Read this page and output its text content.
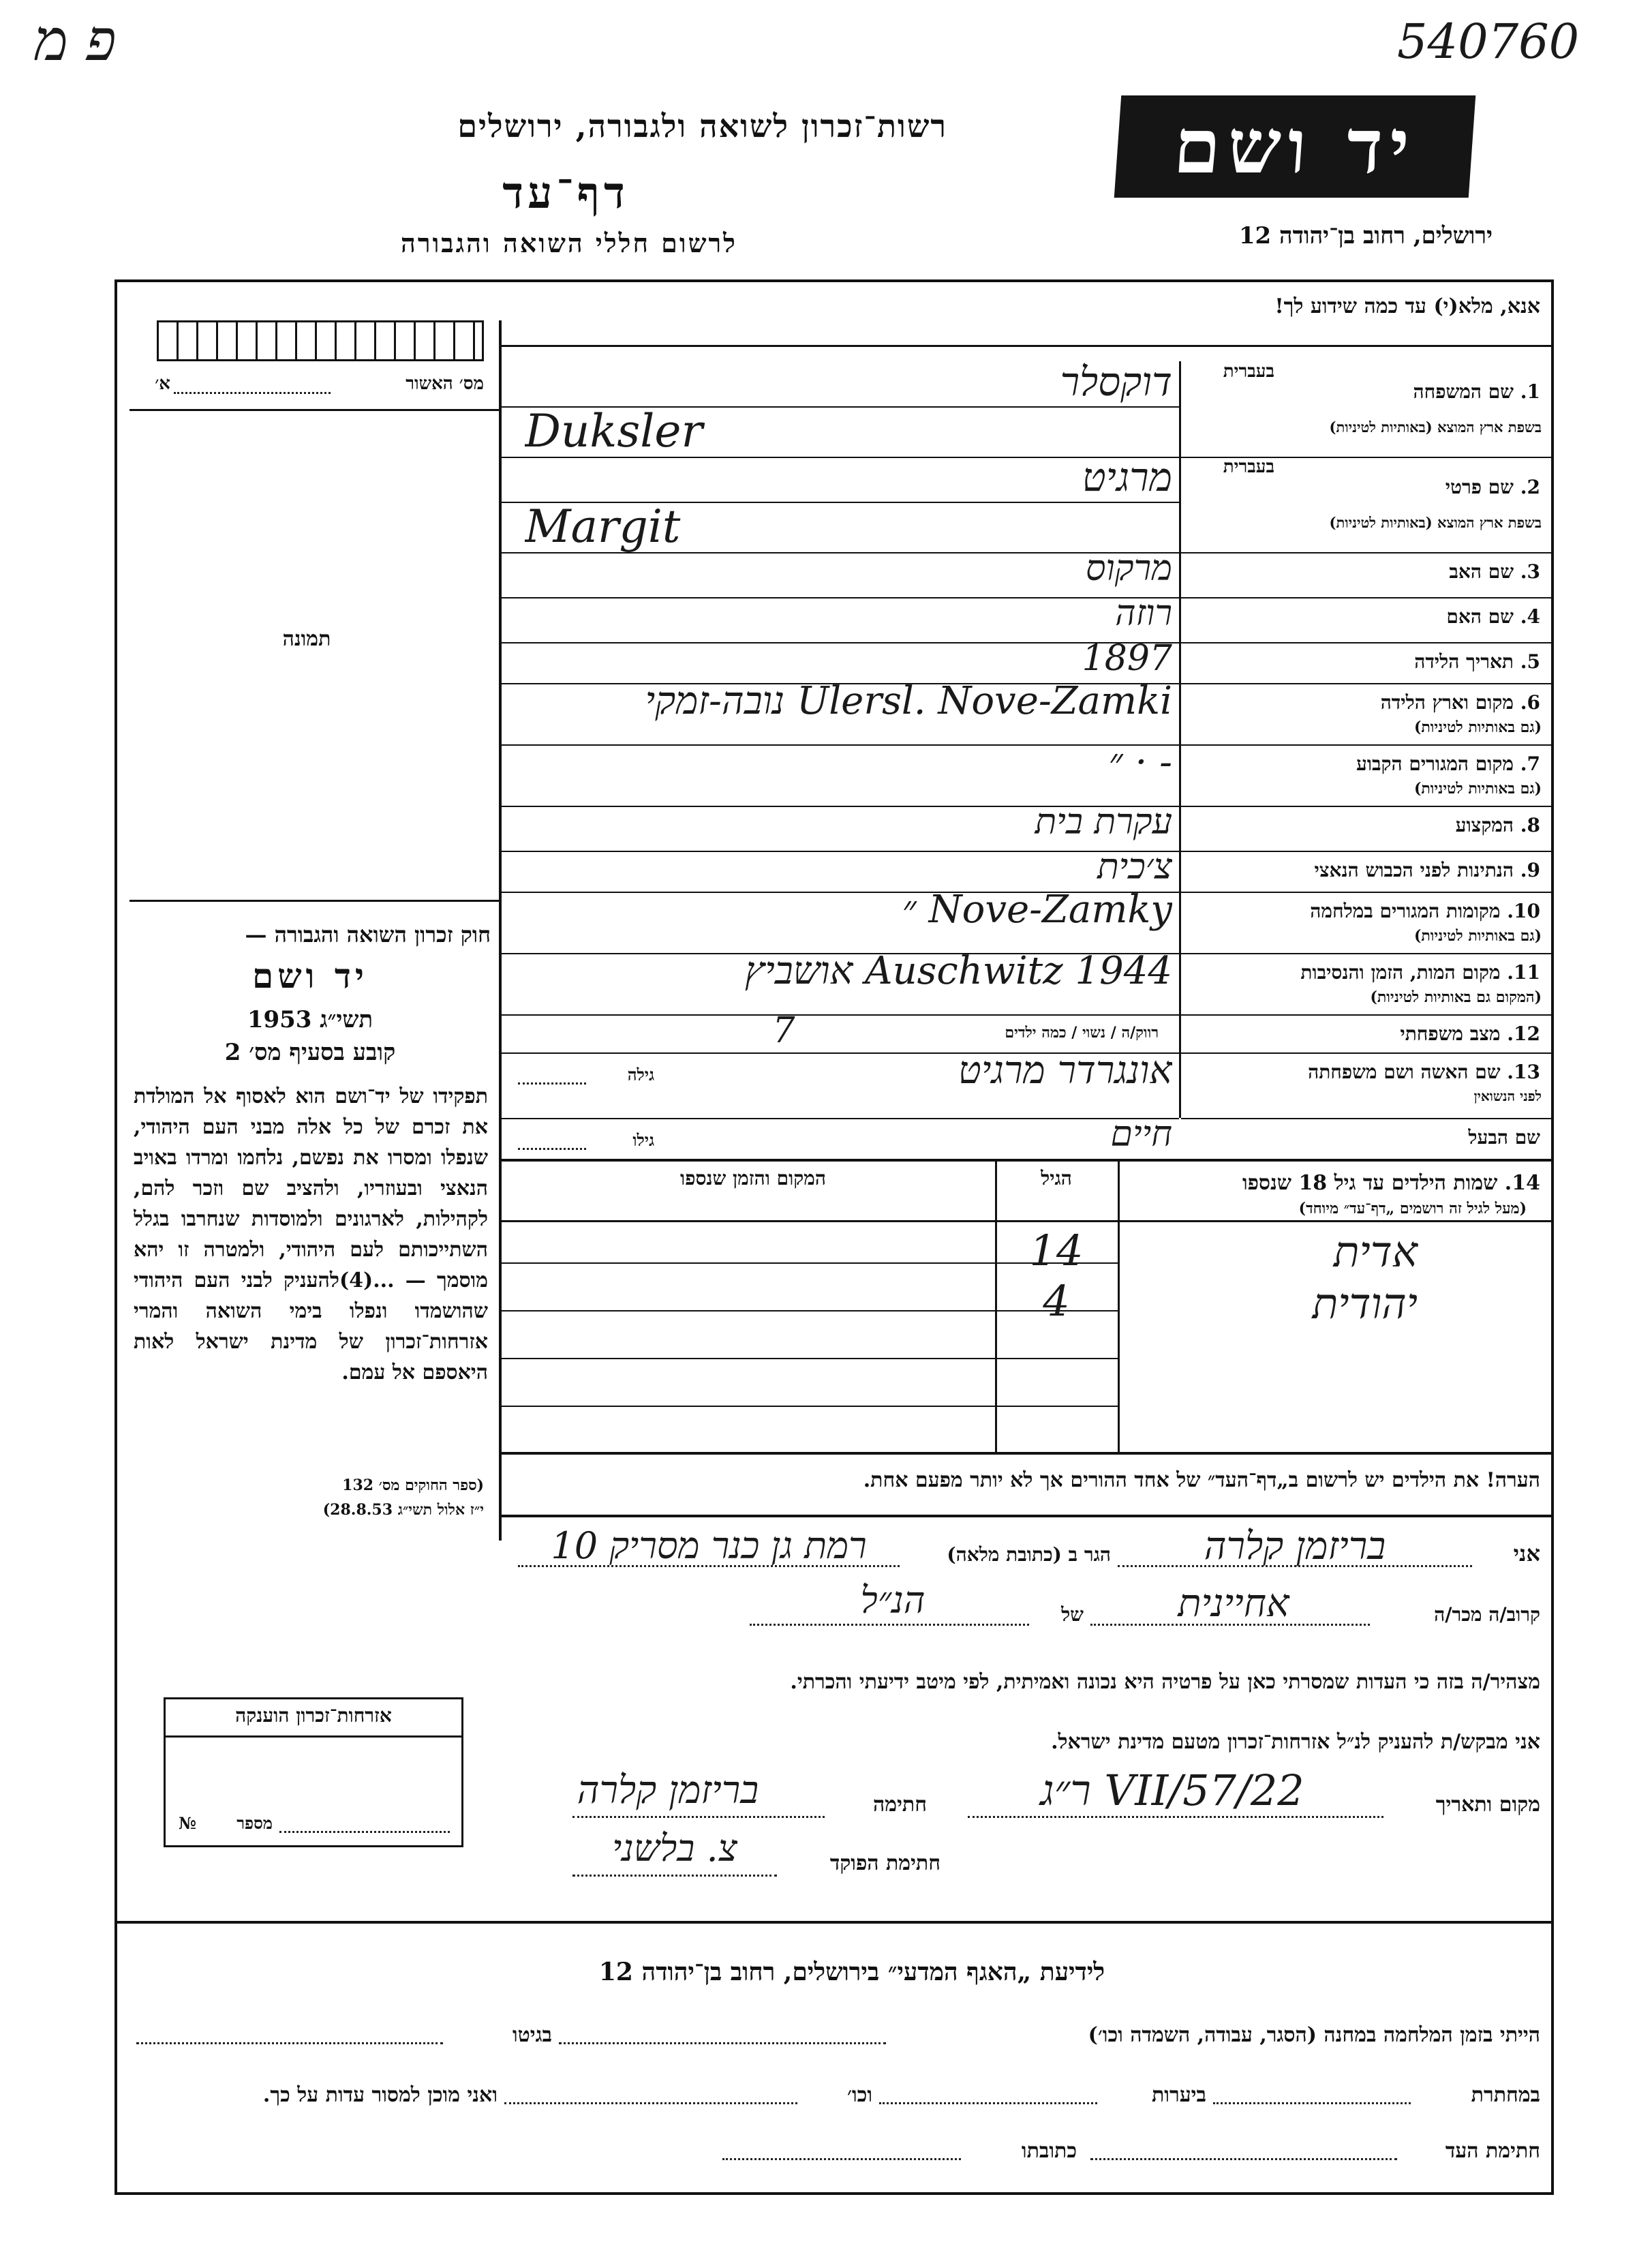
פ מ	540760
רשות־זכרון לשואה ולגבורה, ירושלים
דף־עד
לרשום חללי השואה והגבורה
יד ושם
ירושלים, רחוב בן־יהודה 12
אנא, מלא(י) עד כמה שידוע לך!
מס׳ האשור
א׳
תמונה
חוק זכרון השואה והגבורה —
יד ושם
תשי״ג 1953
קובע בסעיף מס׳ 2
תפקידו של יד־ושם הוא לאסוף אל המולדת את זכרם של כל אלה מבני העם היהודי, שנפלו ומסרו את נפשם, נלחמו ומרדו באויב הנאצי ובעוזריו, ולהציב שם וזכר להם, לקהילות, לארגונים ולמוסדות שנחרבו בגלל השתייכותם לעם היהודי, ולמטרה זו יהא מוסמך — ...(4)להעניק לבני העם היהודי שהושמדו ונפלו בימי השואה והמרי אזרחות־זכרון של מדינת ישראל לאות היאספם אל עמם.
(ספר החוקים מס׳ 132
י״ז אלול תשי״ג 28.8.53)
אזרחות־זכרון הוענקה
מספר
№
1. שם המשפחה
בעברית
בשפת ארץ המוצא (באותיות לטיניות)
דוקסלר
Duksler
2. שם פרטי
בעברית
בשפת ארץ המוצא (באותיות לטיניות)
מרגיט
Margit
3. שם האב
מרקוס
4. שם האם
רוזה
5. תאריך הלידה
1897
6. מקום וארץ הלידה
Ulersl. Nove-Zamki נובה-זמקי
(גם באותיות לטיניות)
7. מקום המגורים הקבוע
- · ״
(גם באותיות לטיניות)
8. המקצוע
עקרת בית
9. הנתינות לפני הכבוש הנאצי
צ׳כית
10. מקומות המגורים במלחמה
Nove-Zamky ״
(גם באותיות לטיניות)
11. מקום המות, הזמן והנסיבות
Auschwitz 1944 אושביץ
(המקום גם באותיות לטיניות)
12. מצב משפחתי
7	רווק/ה / נשוי / כמה ילדים
13. שם האשה ושם משפחתה
אונגרדר מרגיט
לפני הנשואין
גילה
שם הבעל
חיים
גילו
14. שמות הילדים עד גיל 18 שנספו
(מעל לגיל זה רושמים „דף־עד״ מיוחד)
הגיל
המקום והזמן שנספו
אדית
14
יהודית
4
הערה! את הילדים יש לרשום ב„דף־העד״ של אחד ההורים אך לא יותר מפעם אחת.
אני
בריזמן קלרה
הגר ב (כתובת מלאה)
רמת גן כנר מסריק 10
קרוב/ה מכר/ה
אחיינית
של
הנ״ל
מצהיר/ה בזה כי העדות שמסרתי כאן על פרטיה היא נכונה ואמיתית, לפי מיטב ידיעתי והכרתי.
אני מבקש/ת להעניק לנ״ל אזרחות־זכרון מטעם מדינת ישראל.
מקום ותאריך
22/VII/57 ר״ג
חתימה
בריזמן קלרה
חתימת הפוקד
צ. בלשני
לידיעת „האגף המדעי״ בירושלים, רחוב בן־יהודה 12
הייתי בזמן המלחמה במחנה (הסגר, עבודה, השמדה וכו׳)
בגיטו
במחתרת
ביערות
וכו׳
ואני מוכן למסור עדות על כך.
חתימת העד
כתובתו
